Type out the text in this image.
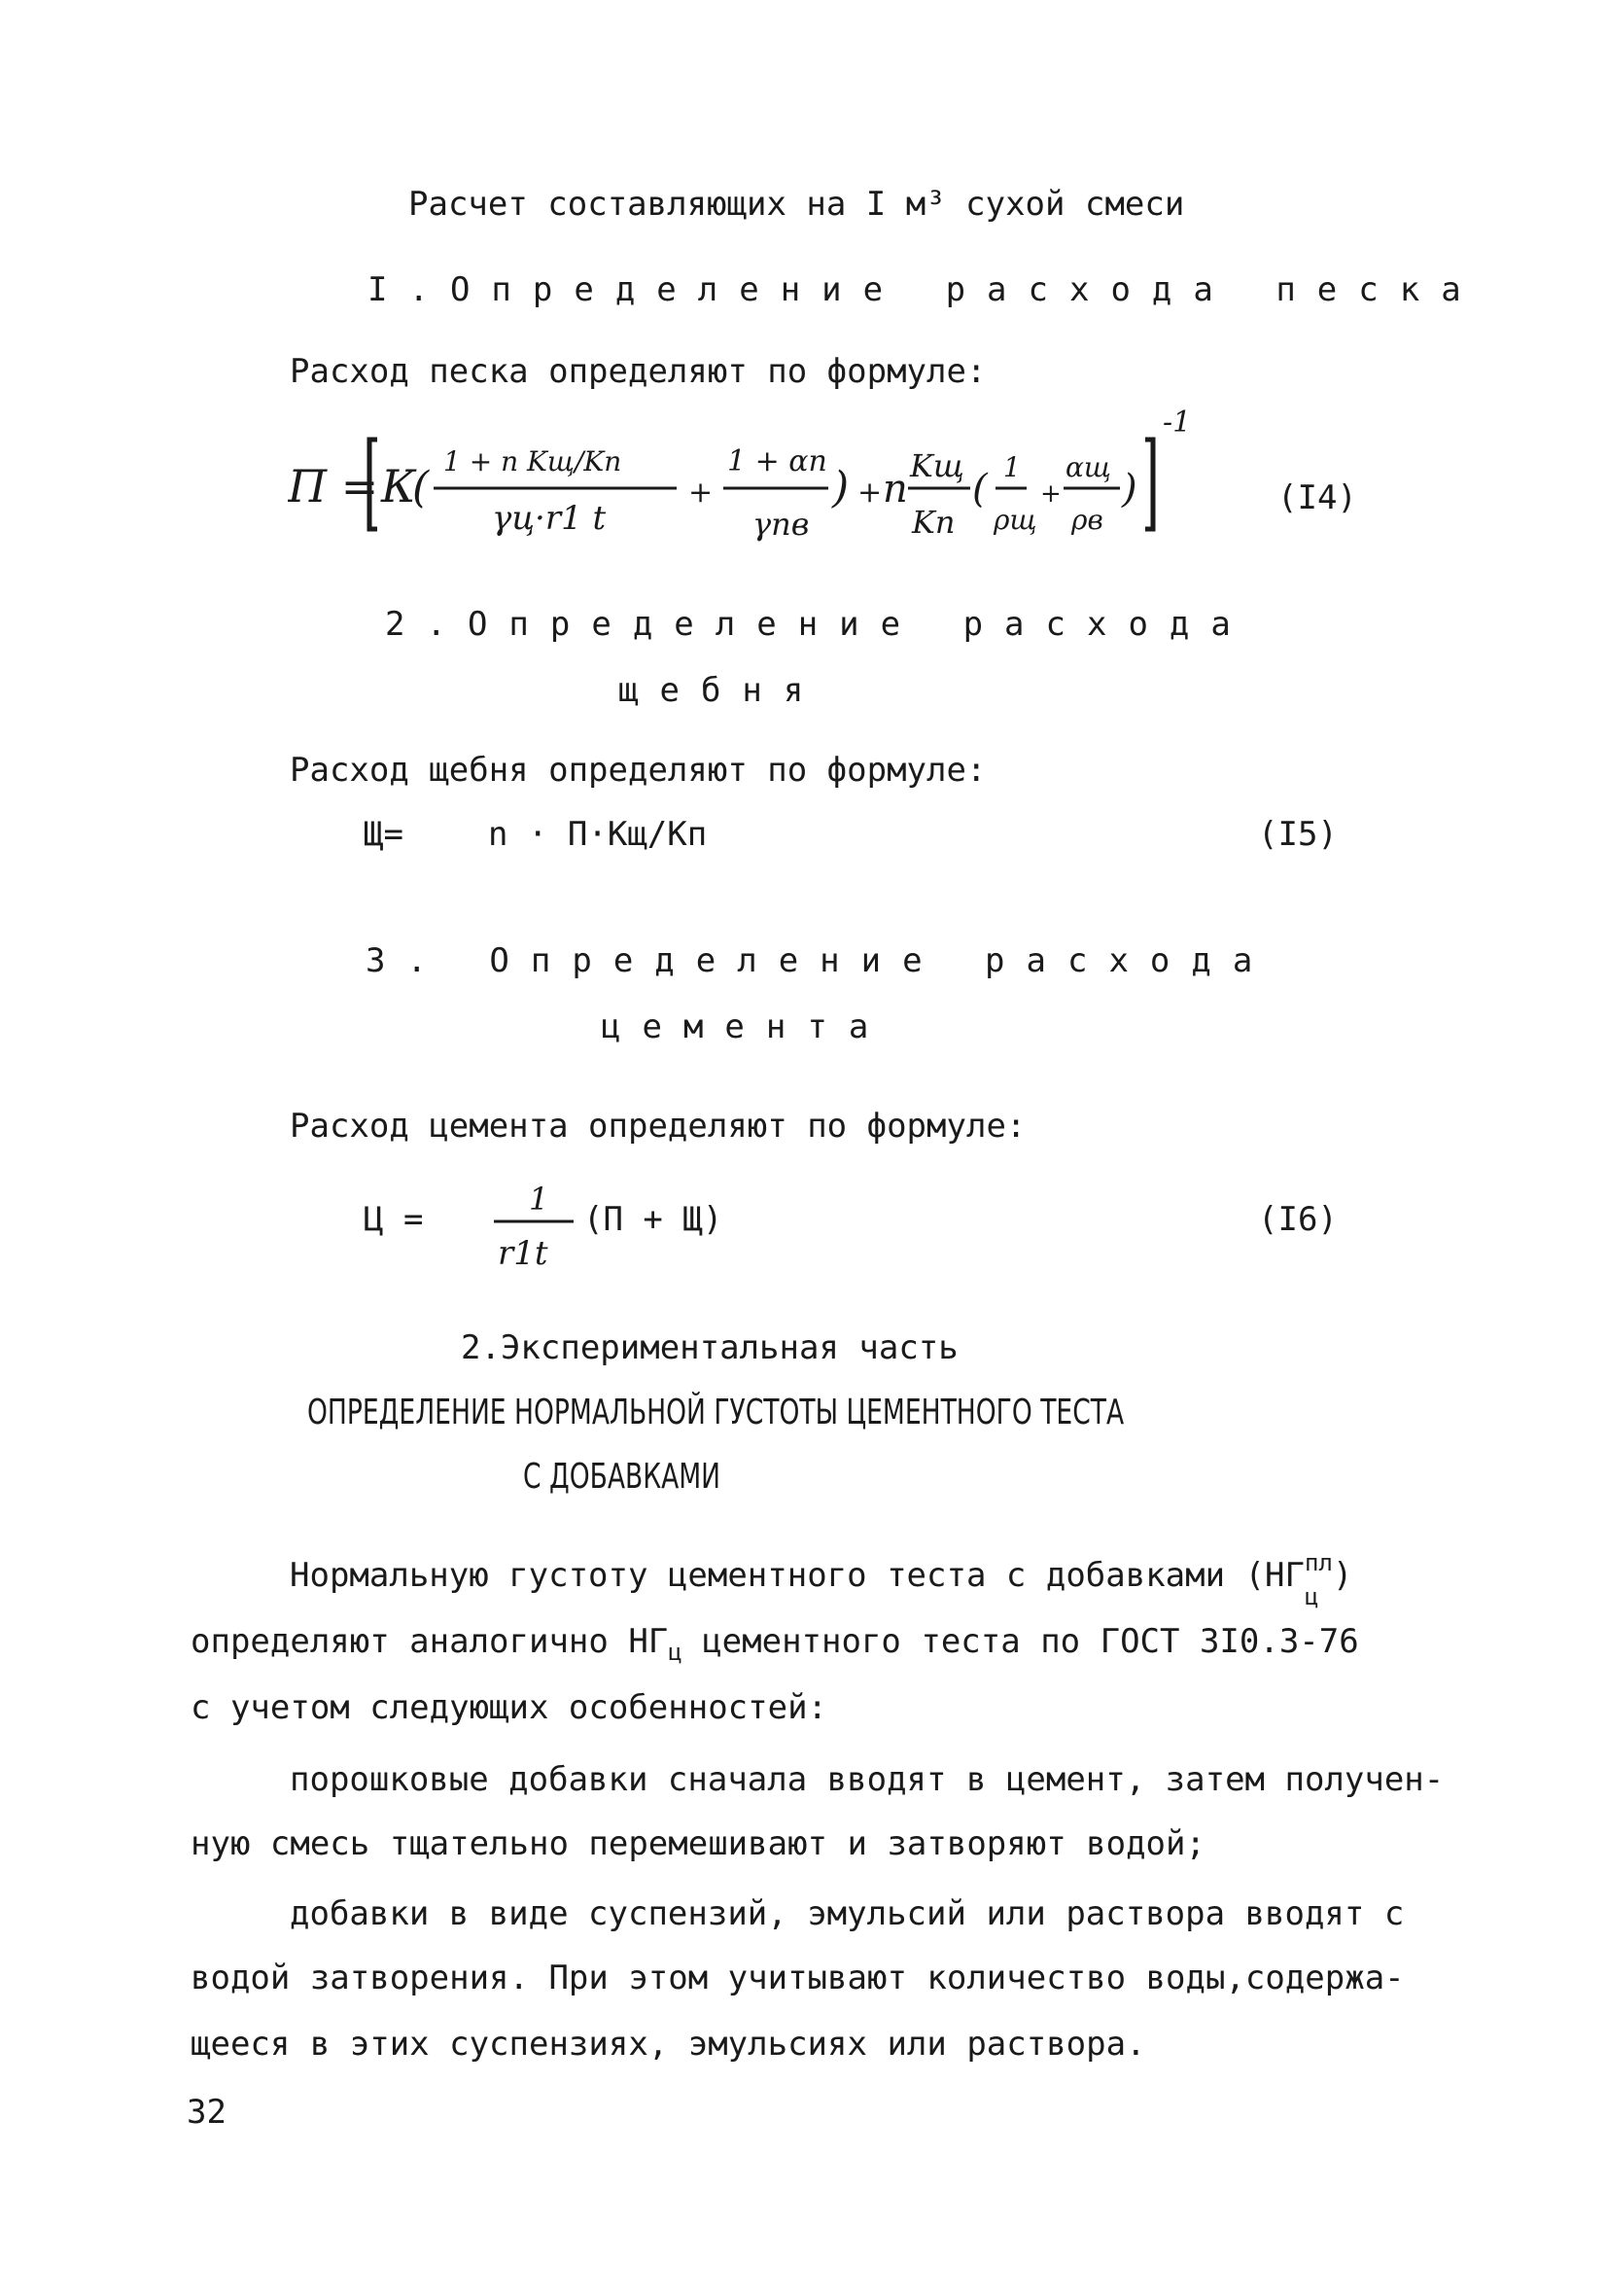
Расчет составляющих на I м³ сухой смеси
I.Определение расхода песка
Расход песка определяют по формуле:
П = К
(
1 + n Kщ/Kп
γц·r1 t
+
1 + αп
γпв
) + n
Kщ
Kп
( 1
ρщ
+
αщ
ρв
)
-1
(I4)
2.Определение расхода
щебня
Расход щебня определяют по формуле:
Щ=	n · П·Кщ/Кп	(I5)
3. Определение расхода
цемента
Расход цемента определяют по формуле:
Ц =
1
r1t
(П + Щ)	(I6)
2.Экспериментальная часть
ОПРЕДЕЛЕНИЕ НОРМАЛЬНОЙ ГУСТОТЫ ЦЕМЕНТНОГО ТЕСТА
С ДОБАВКАМИ
Нормальную густоту цементного теста с добавками ($НГ^{пл}$
ц
)
определяют аналогично $НГ_ц$ цементного теста по ГОСТ 3I0.3-76
с учетом следующих особенностей:
порошковые добавки сначала вводят в цемент, затем получен-
ную смесь тщательно перемешивают и затворяют водой;
добавки в виде суспензий, эмульсий или раствора вводят с
водой затворения. При этом учитывают количество воды,содержа-
щееся в этих суспензиях, эмульсиях или раствора.
32
